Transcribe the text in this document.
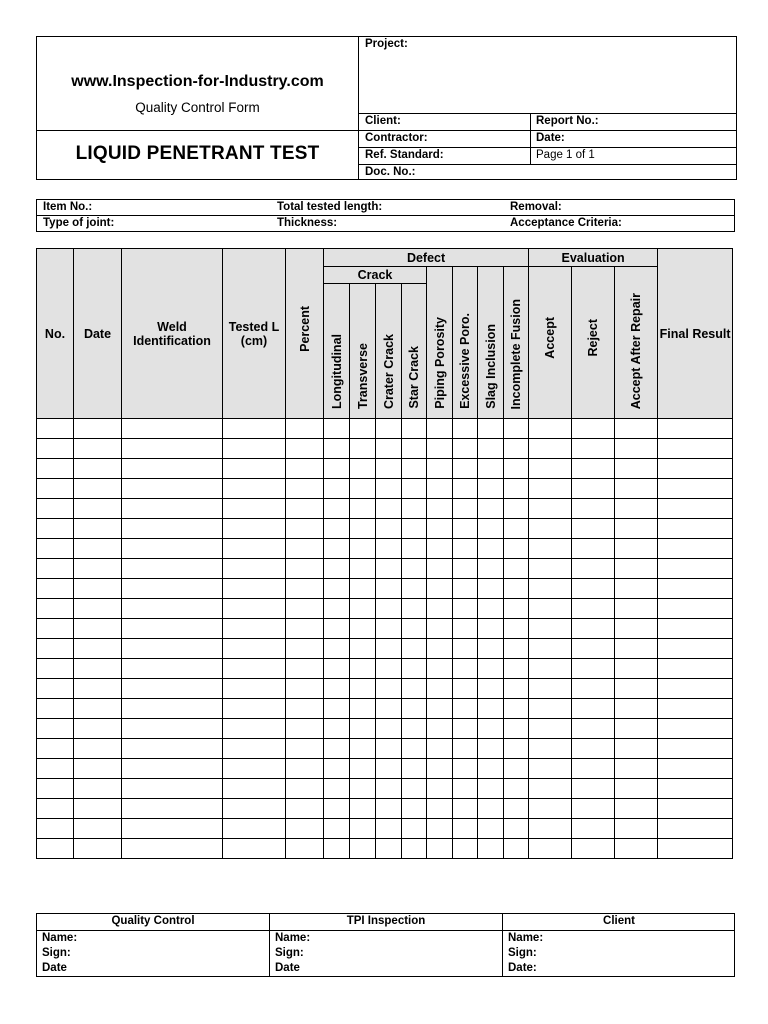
www.Inspection-for-Industry.com
Quality Control Form
LIQUID PENETRANT TEST
Project:
Client:	Report No.:
Contractor:	Date:
Ref. Standard:	Page 1 of 1
Doc. No.:
Item No.:	Total tested length:	Removal:
Type of joint:	Thickness:	Acceptance Criteria:
No.	Date	Weld Identification	Tested L (cm)	Percent	Defect								Evaluation			Final Result
					Crack				Piping Porosity	Excessive Poro.	Slag Inclusion	Incomplete Fusion	Accept	Reject	Accept After Repair	
					Longitudinal	Transverse	Crater Crack	Star Crack								

Quality Control
Name:
Sign:
Date
TPI Inspection
Name:
Sign:
Date
Client
Name:
Sign:
Date:
